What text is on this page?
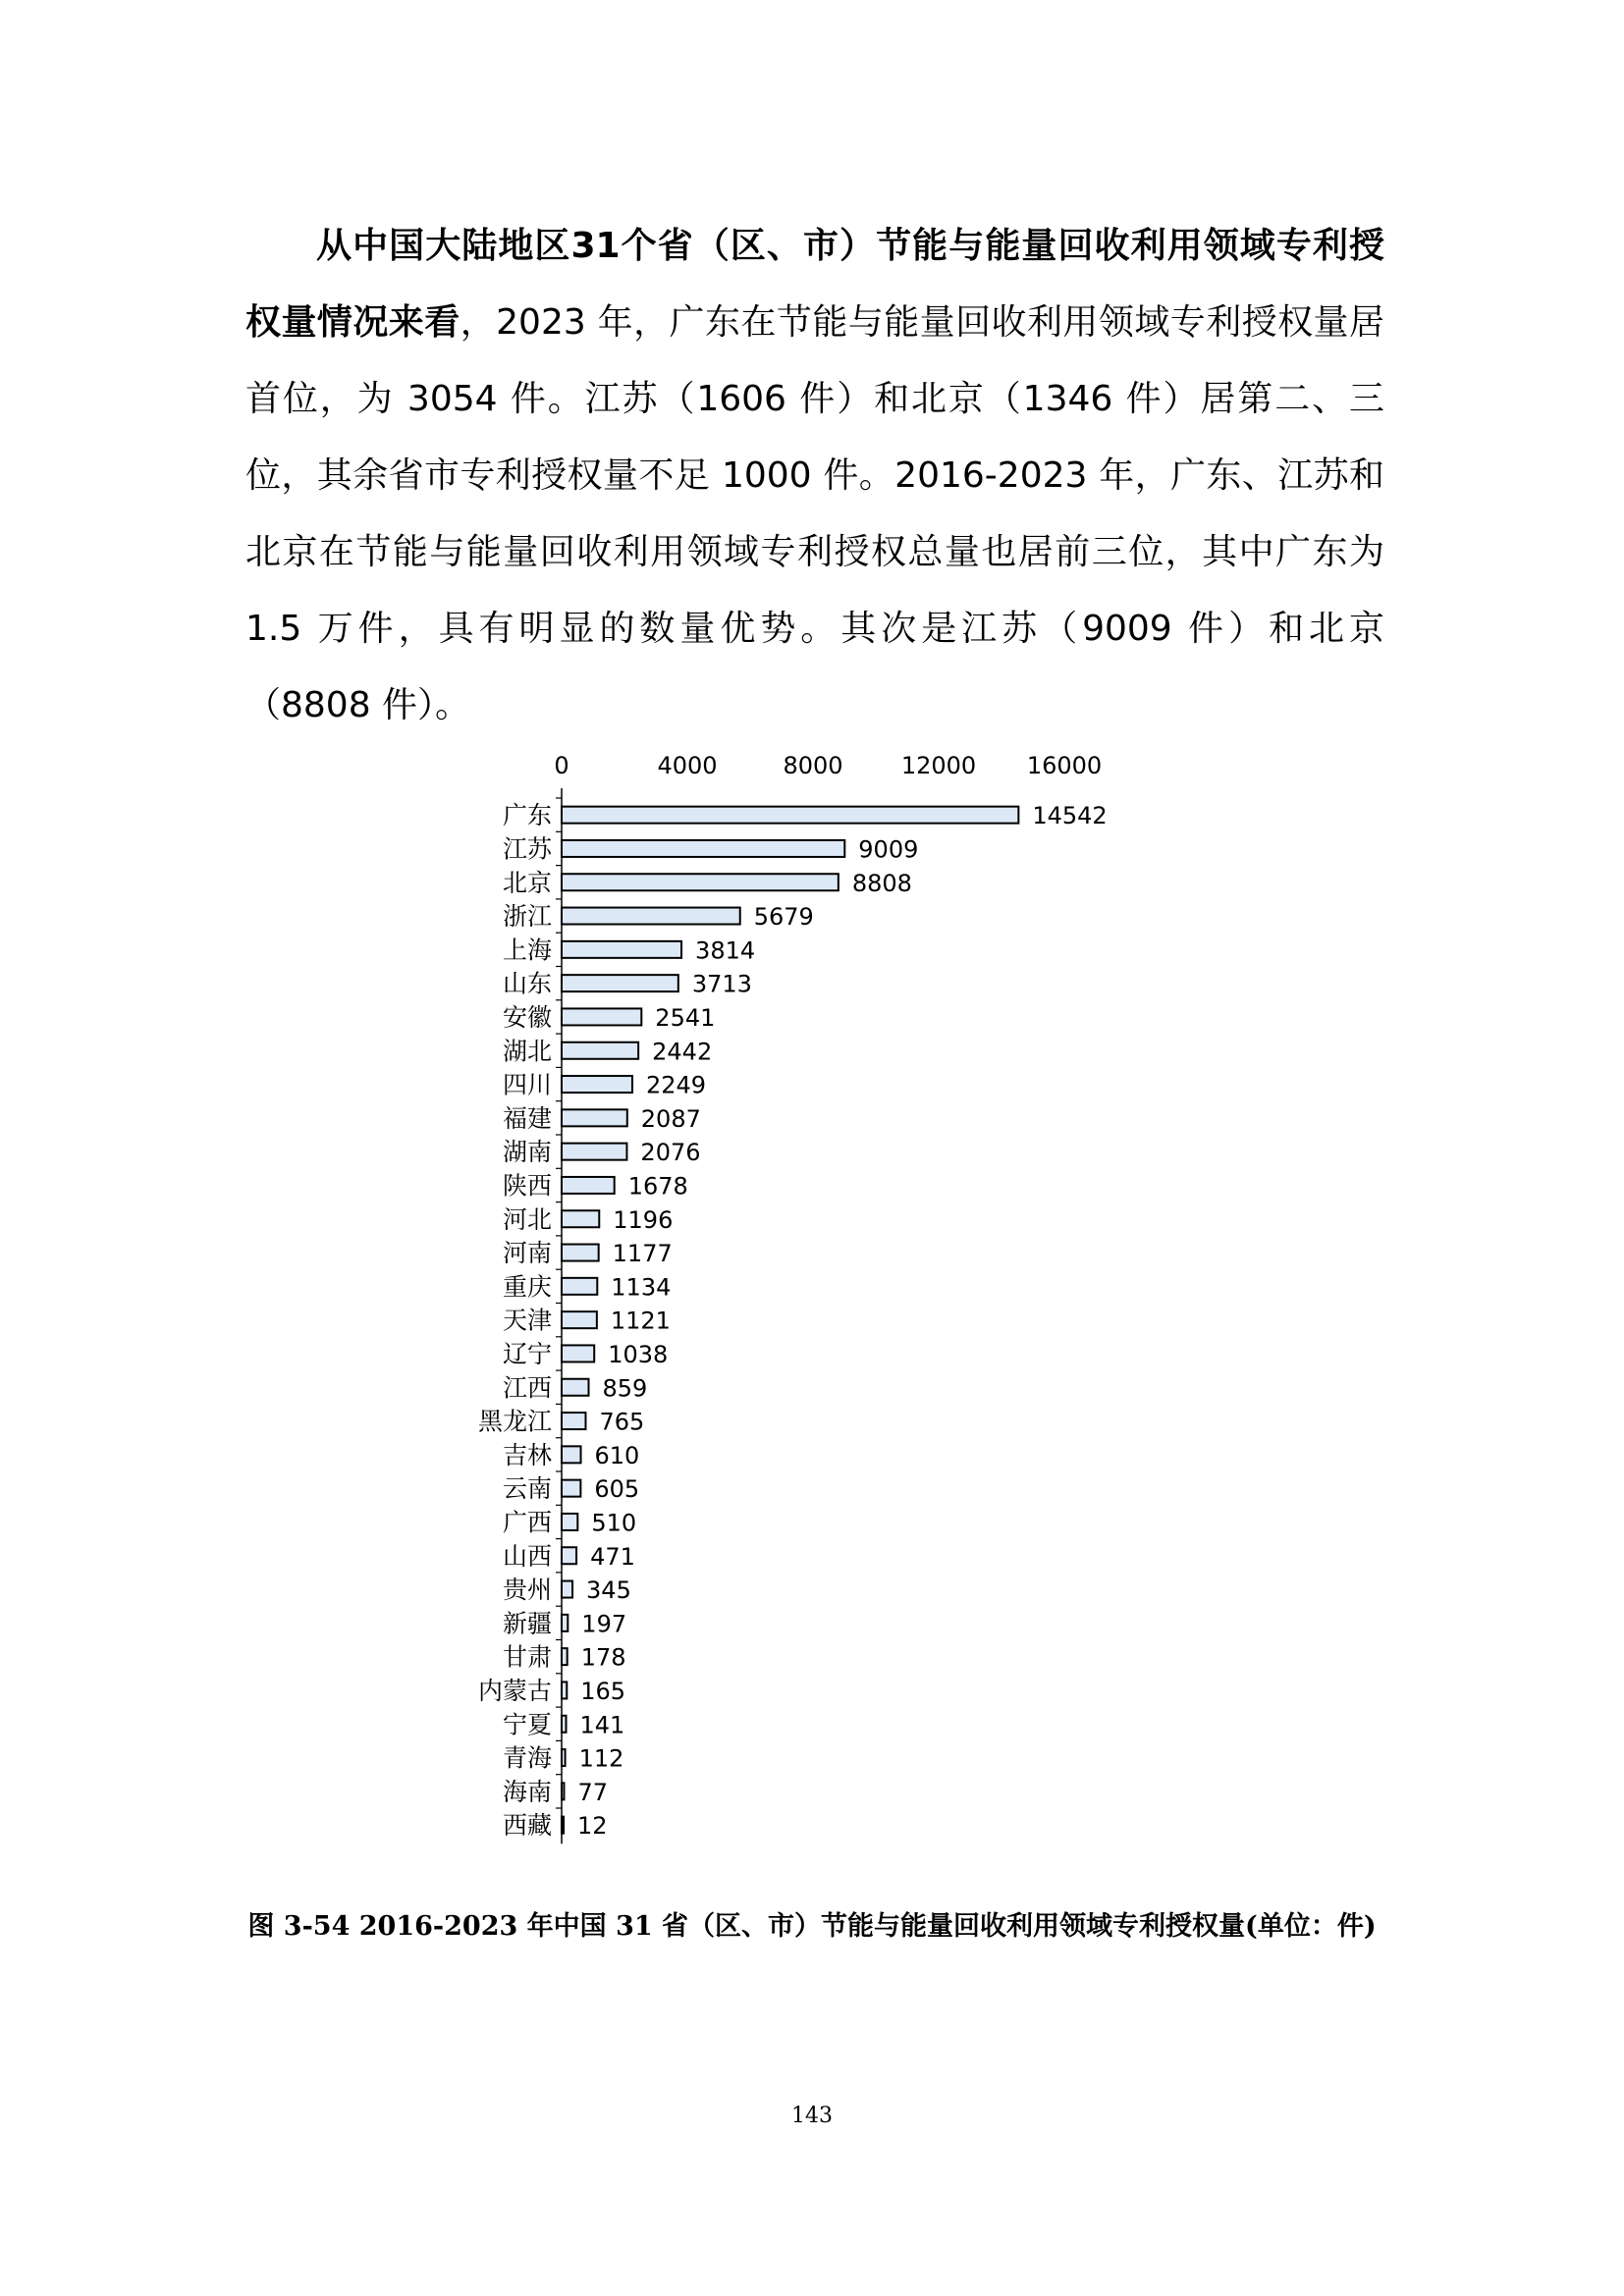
从中国大陆地区31个省（区、市）节能与能量回收利用领域专利授权量情况来看，2023 年，广东在节能与能量回收利用领域专利授权量居首位，为 3054 件。江苏（1606 件）和北京（1346 件）居第二、三位，其余省市专利授权量不足 1000 件。2016-2023 年，广东、江苏和北京在节能与能量回收利用领域专利授权总量也居前三位，其中广东为 1.5 万件，具有明显的数量优势。其次是江苏（9009 件）和北京（8808 件）。

0	4000	8000 12000 16000
广东	14542
江苏	9009
北京	8808
浙江	5679
上海	3814
山东	3713
安徽	2541
湖北	2442
四川	2249
福建	2087
湖南	2076
陕西	1678
河北	1196
河南	1177
重庆	1134
天津 1121
辽宁 1038
江西 859
黑龙江 765
吉林 610
云南 605
广西 510
山西 471
贵州 345
新疆 197
甘肃 178
内蒙古 165
宁夏 141
青海 112
海南 77
西藏 12
图 3-54 2016-2023 年中国 31 省（区、市）节能与能量回收利用领域专利授权量(单位：件)
143
